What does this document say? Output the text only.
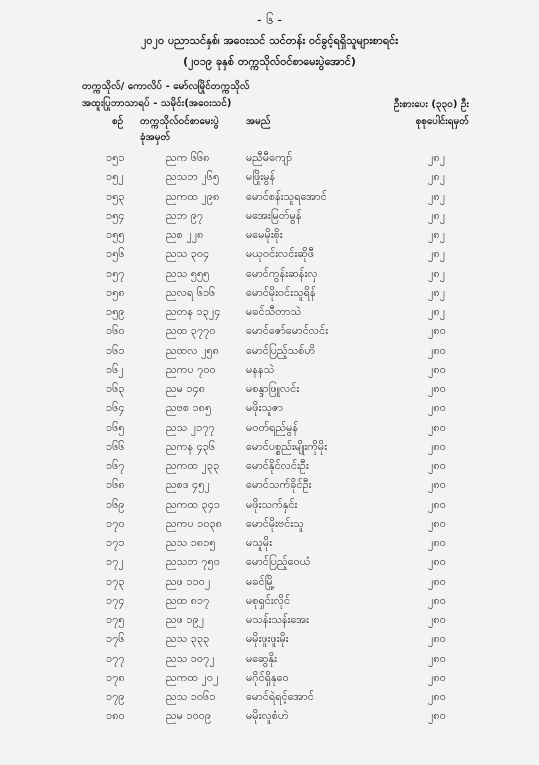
- ၆ -
၂၀၂၀ ပညာသင်နှစ်၊ အဝေးသင် သင်တန်း ဝင်ခွင့်ရရှိသူများစာရင်း
(၂၀၁၉ ခုနှစ် တက္ကသိုလ်ဝင်စာမေးပွဲအောင်)
တက္ကသိုလ်/ ကောလိပ် - မော်လမြိုင်တက္ကသိုလ်
အထူးပြုဘာသာရပ် - သမိုင်း(အဝေးသင်)	ဦးစားပေး (၃၃၀) ဦး
စဉ် တက္ကသိုလ်ဝင်စာမေးပွဲ	အမည်	စုစုပေါင်းရမှတ်
ခုံအမှတ်
၁၅၁	ညက ၆၆၈	မညီမီကျော်	၂၈၂
၁၅၂	ညသဘ ၂၆၅ မဖြိုးမွန်	၂၈၂
၁၅၃	ညကထ ၂၉၈ မောင်စန်းသူရအောင်	၂၈၂
၁၅၄	ညဘ ၉၇	မအေးမြတ်မွန်	၂၈၂
၁၅၅	ညစ ၂၂၈	မမေမိုးစိုး	၂၈၂
၁၅၆	ညသ ၃၀၄	မယုဝင်းလင်းဆိုဖီ	၂၈၂
၁၅၇	ညသ ၅၅၅	မောင်ကွန်းဆန်းလှ	၂၈၂
၁၅၈	ညလရ ၆၁၆	မောင်မိုးဝင်းသူရိန်	၂၈၂
၁၅၉	ညတန ၁၃၂၄ မခင်သီတာသဲ	၂၈၂
၁၆၀	ညထ ၃၇၇၀	မောင်ဇော်မောင်လင်း	၂၈၀
၁၆၁	ညထလ ၂၅၈ မောင်ပြည့်သစ်ဟိ	၂၈၀
၁၆၂	ညကပ ၇၀၀	မနနသဲ	၂၈၀
၁၆၃	ညမ ၁၄၈	မစန္ဒာဖြူလင်း	၂၈၀
၁၆၄	ညဗစ ၁၈၅	မဖိုးသူဇာ	၂၈၀
၁၆၅	ညသ ၂၁၇၇	မဝတ်ရည်မွန်	၂၈၀
၁၆၆	ညကန ၄၃၆	မောင်ပစ္စည်းမျိုးကိုမိုး	၂၈၀
၁၆၇	ညကထ ၂၃၃ မောင်နိုင်လင်းဦး	၂၈၀
၁၆၈	ညစဒ ၄၅၂	မောင်သက်ခိုင်ဦး	၂၈၀
၁၆၉	ညကထ ၃၄၁ မဖိုးသက်နှင်း	၂၈၀
၁၇၀	ညကပ ၁၀၃၈ မောင်မိုးဗင်းသူ	၂၈၀
၁၇၁	ညသ ၁၈၁၅	မသူမိုး	၂၈၀
၁၇၂	ညသဘ ၇၅၀ မောင်ပြည့်ဝေယံ	၂၈၀
၁၇၃	ညဖ ၁၁၀၂	မခင်မြို့	၂၈၀
၁၇၄	ညထ ၈၁၇	မစုရှင်းလိုင်	၂၈၀
၁၇၅	ညဖ ၁၉၂	မသန်းသန်းအေး	၂၈၀
၁၇၆	ညသ ၃၃၃	မမိုးဖူးဖူးမိုး	၂၈၀
၁၇၇	ညသ ၁၀၇၂	မဆွေနိုး	၂၈၀
၁၇၈	ညကထ ၂၀၂ မဂိုင်ရှိနုဝေ	၂၈၀
၁၇၉	ညသ ၁၀၆၁	မောင်ရဲရင့်အောင်	၂၈၀
၁၈၀	ညမ ၁၀၀၉	မမိုးလူစံဟဲ	၂၈၀
